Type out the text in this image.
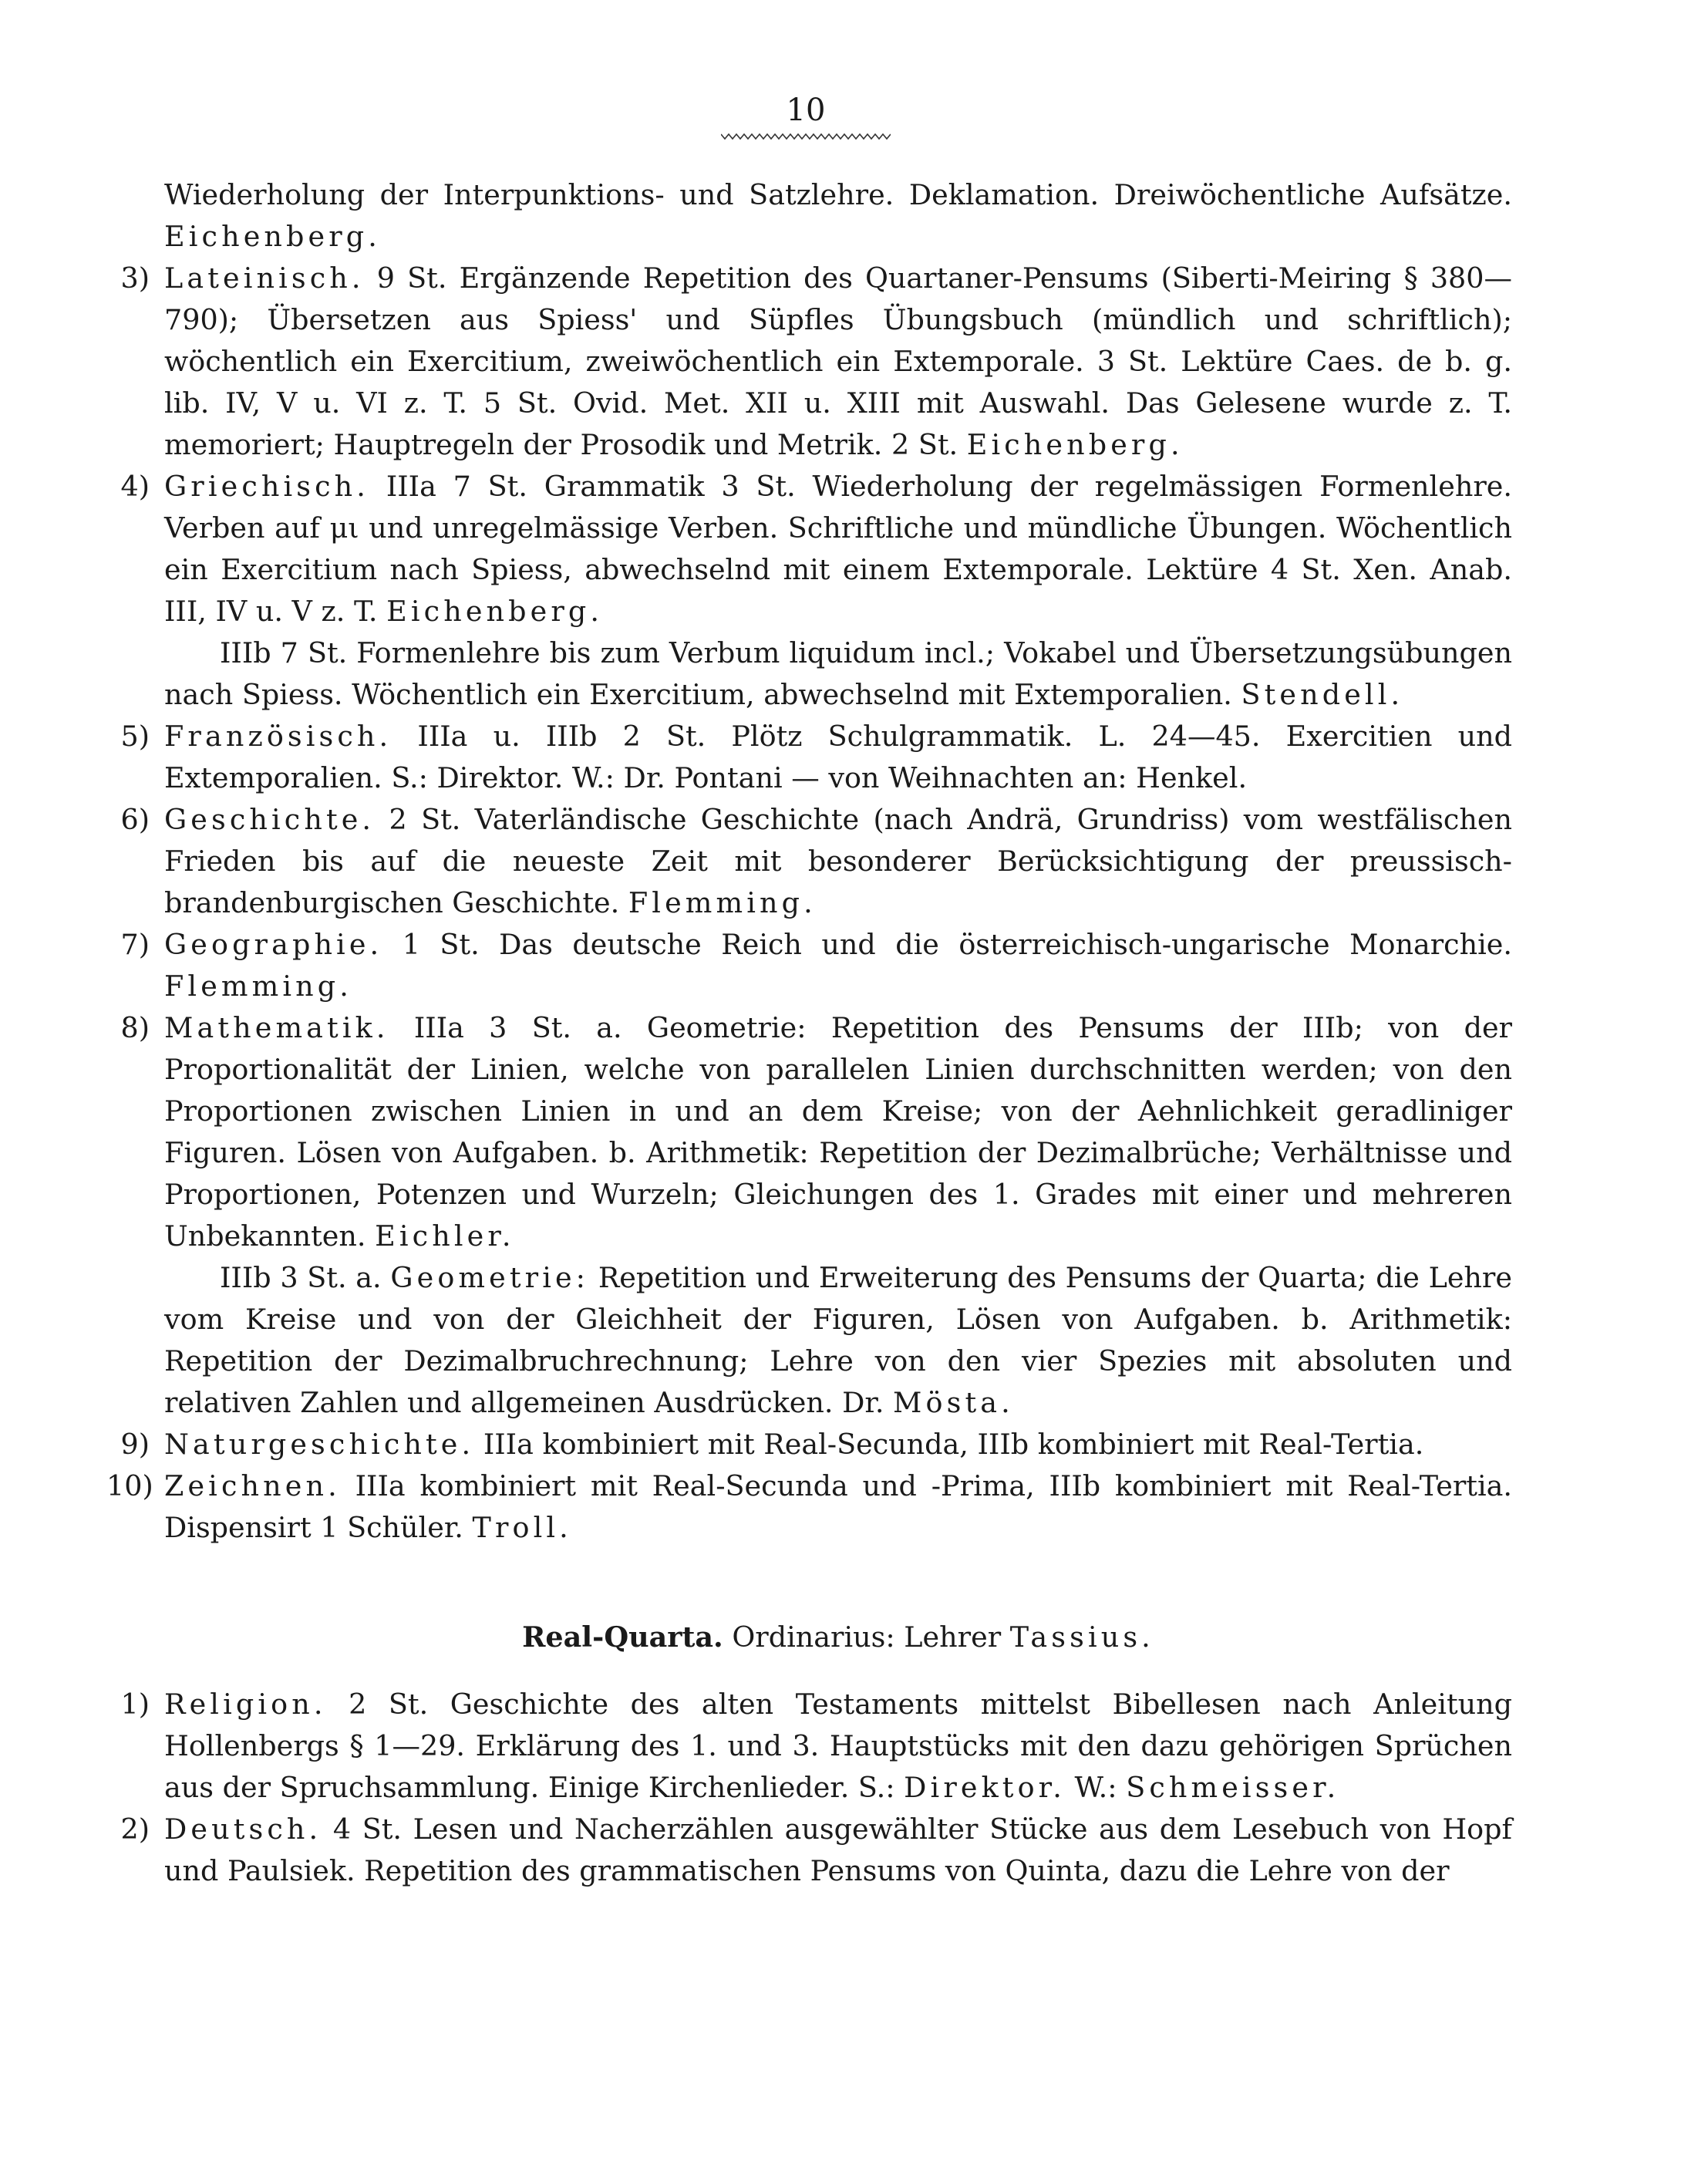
10

Wiederholung der Interpunktions- und Satzlehre. Deklamation. Dreiwöchentliche Aufsätze. Eichenberg.

3) Lateinisch. 9 St. Ergänzende Repetition des Quartaner-Pensums (Siberti-Meiring § 380—790); Übersetzen aus Spiess' und Süpfles Übungsbuch (mündlich und schriftlich); wöchentlich ein Exercitium, zweiwöchentlich ein Extemporale. 3 St. Lektüre Caes. de b. g. lib. IV, V u. VI z. T. 5 St. Ovid. Met. XII u. XIII mit Auswahl. Das Gelesene wurde z. T. memoriert; Hauptregeln der Prosodik und Metrik. 2 St. Eichenberg.

4) Griechisch. IIIa 7 St. Grammatik 3 St. Wiederholung der regelmässigen Formenlehre. Verben auf μι und unregelmässige Verben. Schriftliche und mündliche Übungen. Wöchentlich ein Exercitium nach Spiess, abwechselnd mit einem Extemporale. Lektüre 4 St. Xen. Anab. III, IV u. V z. T. Eichenberg.

IIIb 7 St. Formenlehre bis zum Verbum liquidum incl.; Vokabel und Übersetzungsübungen nach Spiess. Wöchentlich ein Exercitium, abwechselnd mit Extemporalien. Stendell.

5) Französisch. IIIa u. IIIb 2 St. Plötz Schulgrammatik. L. 24—45. Exercitien und Extemporalien. S.: Direktor. W.: Dr. Pontani — von Weihnachten an: Henkel.

6) Geschichte. 2 St. Vaterländische Geschichte (nach Andrä, Grundriss) vom westfälischen Frieden bis auf die neueste Zeit mit besonderer Berücksichtigung der preussisch-brandenburgischen Geschichte. Flemming.

7) Geographie. 1 St. Das deutsche Reich und die österreichisch-ungarische Monarchie. Flemming.

8) Mathematik. IIIa 3 St. a. Geometrie: Repetition des Pensums der IIIb; von der Proportionalität der Linien, welche von parallelen Linien durchschnitten werden; von den Proportionen zwischen Linien in und an dem Kreise; von der Aehnlichkeit geradliniger Figuren. Lösen von Aufgaben. b. Arithmetik: Repetition der Dezimalbrüche; Verhältnisse und Proportionen, Potenzen und Wurzeln; Gleichungen des 1. Grades mit einer und mehreren Unbekannten. Eichler.

IIIb 3 St. a. Geometrie: Repetition und Erweiterung des Pensums der Quarta; die Lehre vom Kreise und von der Gleichheit der Figuren, Lösen von Aufgaben. b. Arithmetik: Repetition der Dezimalbruchrechnung; Lehre von den vier Spezies mit absoluten und relativen Zahlen und allgemeinen Ausdrücken. Dr. Mösta.

9) Naturgeschichte. IIIa kombiniert mit Real-Secunda, IIIb kombiniert mit Real-Tertia.

10) Zeichnen. IIIa kombiniert mit Real-Secunda und -Prima, IIIb kombiniert mit Real-Tertia. Dispensirt 1 Schüler. Troll.

Real-Quarta. Ordinarius: Lehrer Tassius.

1) Religion. 2 St. Geschichte des alten Testaments mittelst Bibellesen nach Anleitung Hollenbergs § 1—29. Erklärung des 1. und 3. Hauptstücks mit den dazu gehörigen Sprüchen aus der Spruchsammlung. Einige Kirchenlieder. S.: Direktor. W.: Schmeisser.

2) Deutsch. 4 St. Lesen und Nacherzählen ausgewählter Stücke aus dem Lesebuch von Hopf und Paulsiek. Repetition des grammatischen Pensums von Quinta, dazu die Lehre von der
